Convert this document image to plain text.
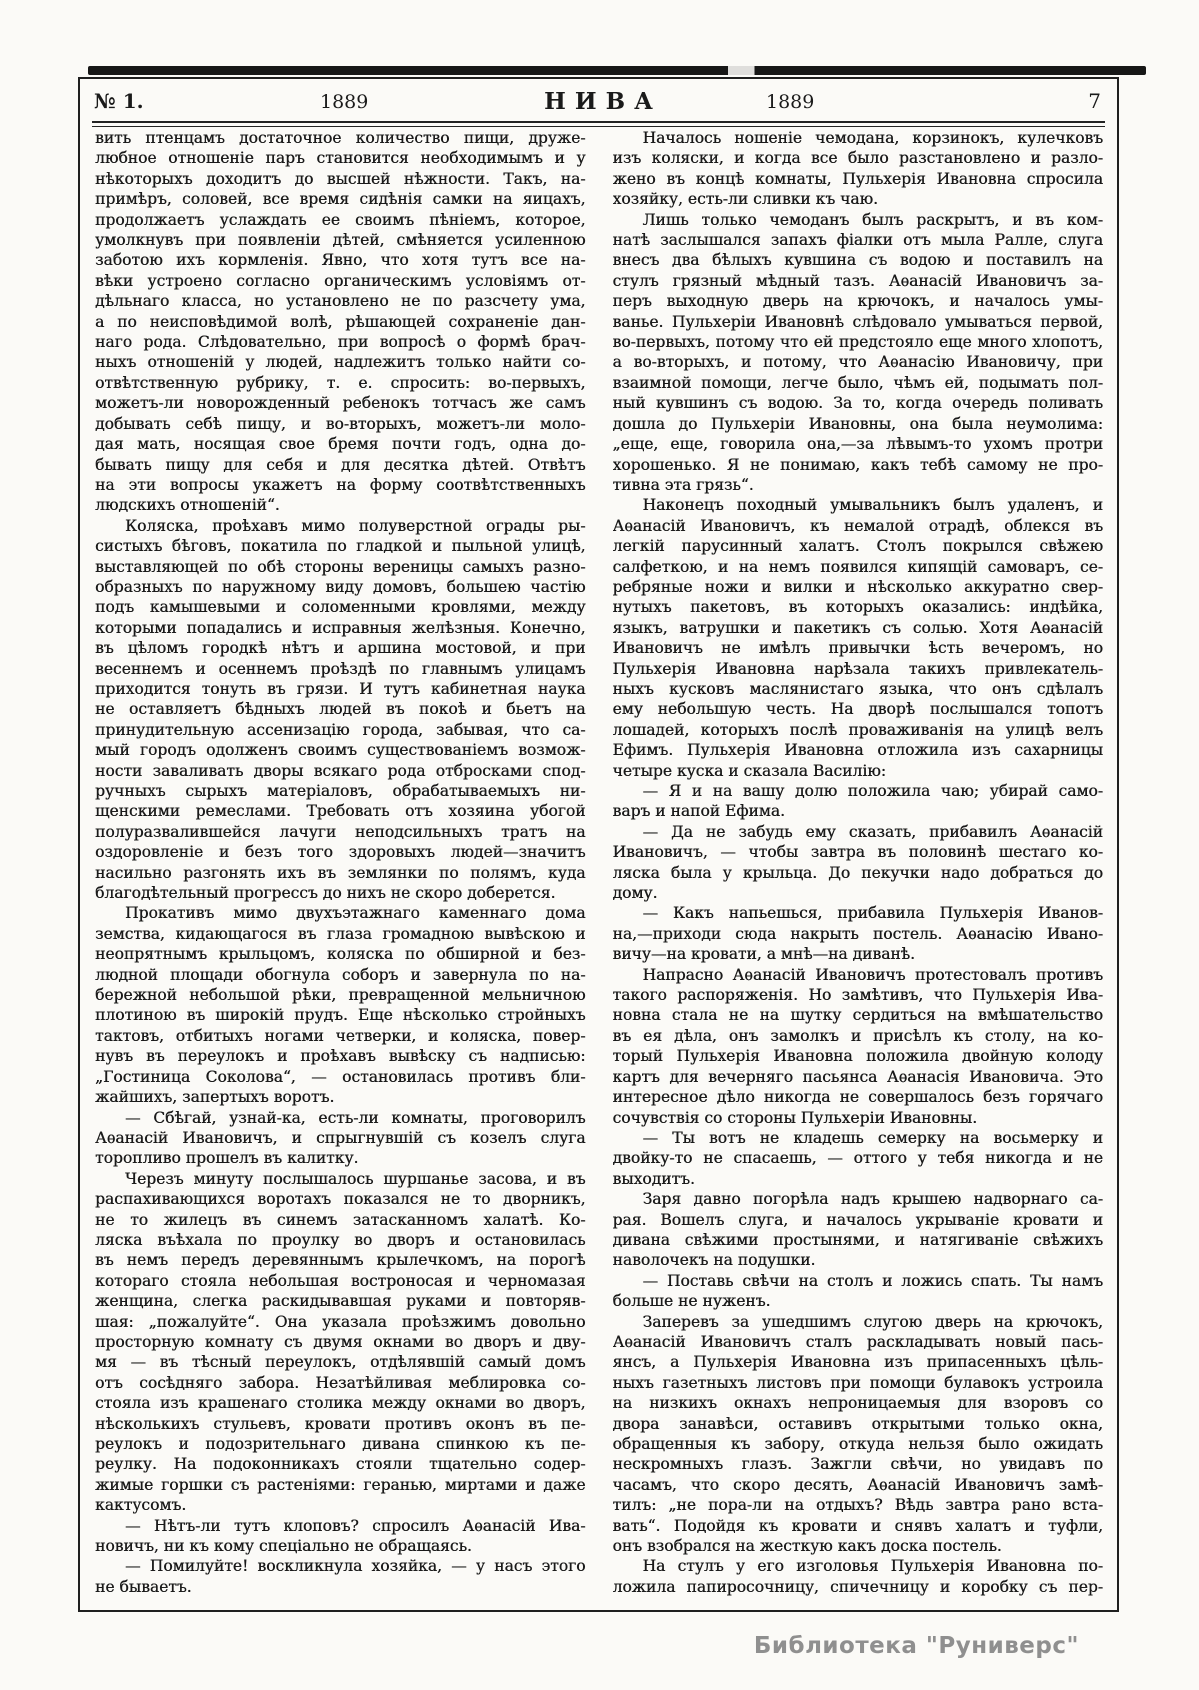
№ 1.	1889	НИВА	1889	7
вить птенцамъ достаточное количество пищи, друже-
любное отношеніе паръ становится необходимымъ и у
нѣкоторыхъ доходитъ до высшей нѣжности. Такъ, на-
примѣръ, соловей, все время сидѣнія самки на яицахъ,
продолжаетъ услаждать ее своимъ пѣніемъ, которое,
умолкнувъ при появленіи дѣтей, смѣняется усиленною
заботою ихъ кормленія. Явно, что хотя тутъ все на-
вѣки устроено согласно органическимъ условіямъ от-
дѣльнаго класса, но установлено не по разсчету ума,
а по неисповѣдимой волѣ, рѣшающей сохраненіе дан-
наго рода. Слѣдовательно, при вопросѣ о формѣ брач-
ныхъ отношеній у людей, надлежитъ только найти со-
отвѣтственную рубрику, т. е. спросить: во-первыхъ,
можетъ-ли новорожденный ребенокъ тотчасъ же самъ
добывать себѣ пищу, и во-вторыхъ, можетъ-ли моло-
дая мать, носящая свое бремя почти годъ, одна до-
бывать пищу для себя и для десятка дѣтей. Отвѣтъ
на эти вопросы укажетъ на форму соотвѣтственныхъ
людскихъ отношеній“.
Коляска, проѣхавъ мимо полуверстной ограды ры-
систыхъ бѣговъ, покатила по гладкой и пыльной улицѣ,
выставляющей по обѣ стороны вереницы самыхъ разно-
образныхъ по наружному виду домовъ, большею частію
подъ камышевыми и соломенными кровлями, между
которыми попадались и исправныя желѣзныя. Конечно,
въ цѣломъ городкѣ нѣтъ и аршина мостовой, и при
весеннемъ и осеннемъ проѣздѣ по главнымъ улицамъ
приходится тонуть въ грязи. И тутъ кабинетная наука
не оставляетъ бѣдныхъ людей въ покоѣ и бьетъ на
принудительную ассенизацію города, забывая, что са-
мый городъ одолженъ своимъ существованіемъ возмож-
ности заваливать дворы всякаго рода отбросками спод-
ручныхъ сырыхъ матеріаловъ, обрабатываемыхъ ни-
щенскими ремеслами. Требовать отъ хозяина убогой
полуразвалившейся лачуги неподсильныхъ тратъ на
оздоровленіе и безъ того здоровыхъ людей—значитъ
насильно разгонять ихъ въ землянки по полямъ, куда
благодѣтельный прогрессъ до нихъ не скоро доберется.
Прокативъ мимо двухъэтажнаго каменнаго дома
земства, кидающагося въ глаза громадною вывѣскою и
неопрятнымъ крыльцомъ, коляска по обширной и без-
людной площади обогнула соборъ и завернула по на-
бережной небольшой рѣки, превращенной мельничною
плотиною въ широкій прудъ. Еще нѣсколько стройныхъ
тактовъ, отбитыхъ ногами четверки, и коляска, повер-
нувъ въ переулокъ и проѣхавъ вывѣску съ надписью:
„Гостиница Соколова“, — остановилась противъ бли-
жайшихъ, запертыхъ воротъ.
— Сбѣгай, узнай-ка, есть-ли комнаты, проговорилъ
Аѳанасій Ивановичъ, и спрыгнувшій съ козелъ слуга
торопливо прошелъ въ калитку.
Черезъ минуту послышалось шуршанье засова, и въ
распахивающихся воротахъ показался не то дворникъ,
не то жилецъ въ синемъ затасканномъ халатѣ. Ко-
ляска въѣхала по проулку во дворъ и остановилась
въ немъ передъ деревяннымъ крылечкомъ, на порогѣ
котораго стояла небольшая востроносая и черномазая
женщина, слегка раскидывавшая руками и повторяв-
шая: „пожалуйте“. Она указала проѣзжимъ довольно
просторную комнату съ двумя окнами во дворъ и дву-
мя — въ тѣсный переулокъ, отдѣлявшій самый домъ
отъ сосѣдняго забора. Незатѣйливая меблировка со-
стояла изъ крашенаго столика между окнами во дворъ,
нѣсколькихъ стульевъ, кровати противъ оконъ въ пе-
реулокъ и подозрительнаго дивана спинкою къ пе-
реулку. На подоконникахъ стояли тщательно содер-
жимые горшки съ растеніями: геранью, миртами и даже
кактусомъ.
— Нѣтъ-ли тутъ клоповъ? спросилъ Аѳанасій Ива-
новичъ, ни къ кому спеціально не обращаясь.
— Помилуйте! воскликнула хозяйка, — у насъ этого
не бываетъ.
Началось ношеніе чемодана, корзинокъ, кулечковъ
изъ коляски, и когда все было разстановлено и разло-
жено въ концѣ комнаты, Пульхерія Ивановна спросила
хозяйку, есть-ли сливки къ чаю.
Лишь только чемоданъ былъ раскрытъ, и въ ком-
натѣ заслышался запахъ фіалки отъ мыла Ралле, слуга
внесъ два бѣлыхъ кувшина съ водою и поставилъ на
стулъ грязный мѣдный тазъ. Аѳанасій Ивановичъ за-
перъ выходную дверь на крючокъ, и началось умы-
ванье. Пульхеріи Ивановнѣ слѣдовало умываться первой,
во-первыхъ, потому что ей предстояло еще много хлопотъ,
а во-вторыхъ, и потому, что Аѳанасію Ивановичу, при
взаимной помощи, легче было, чѣмъ ей, подымать пол-
ный кувшинъ съ водою. За то, когда очередь поливать
дошла до Пульхеріи Ивановны, она была неумолима:
„еще, еще, говорила она,—за лѣвымъ-то ухомъ протри
хорошенько. Я не понимаю, какъ тебѣ самому не про-
тивна эта грязь“.
Наконецъ походный умывальникъ былъ удаленъ, и
Аѳанасій Ивановичъ, къ немалой отрадѣ, облекся въ
легкій парусинный халатъ. Столъ покрылся свѣжею
салфеткою, и на немъ появился кипящій самоваръ, се-
ребряные ножи и вилки и нѣсколько аккуратно свер-
нутыхъ пакетовъ, въ которыхъ оказались: индѣйка,
языкъ, ватрушки и пакетикъ съ солью. Хотя Аѳанасій
Ивановичъ не имѣлъ привычки ѣсть вечеромъ, но
Пульхерія Ивановна нарѣзала такихъ привлекатель-
ныхъ кусковъ маслянистаго языка, что онъ сдѣлалъ
ему небольшую честь. На дворѣ послышался топотъ
лошадей, которыхъ послѣ проваживанія на улицѣ велъ
Ефимъ. Пульхерія Ивановна отложила изъ сахарницы
четыре куска и сказала Василію:
— Я и на вашу долю положила чаю; убирай само-
варъ и напой Ефима.
— Да не забудь ему сказать, прибавилъ Аѳанасій
Ивановичъ, — чтобы завтра въ половинѣ шестаго ко-
ляска была у крыльца. До пекучки надо добраться до
дому.
— Какъ напьешься, прибавила Пульхерія Иванов-
на,—приходи сюда накрыть постель. Аѳанасію Ивано-
вичу—на кровати, а мнѣ—на диванѣ.
Напрасно Аѳанасій Ивановичъ протестовалъ противъ
такого распоряженія. Но замѣтивъ, что Пульхерія Ива-
новна стала не на шутку сердиться на вмѣшательство
въ ея дѣла, онъ замолкъ и присѣлъ къ столу, на ко-
торый Пульхерія Ивановна положила двойную колоду
картъ для вечерняго пасьянса Аѳанасія Ивановича. Это
интересное дѣло никогда не совершалось безъ горячаго
сочувствія со стороны Пульхеріи Ивановны.
— Ты вотъ не кладешь семерку на восьмерку и
двойку-то не спасаешь, — оттого у тебя никогда и не
выходитъ.
Заря давно погорѣла надъ крышею надворнаго са-
рая. Вошелъ слуга, и началось укрываніе кровати и
дивана свѣжими простынями, и натягиваніе свѣжихъ
наволочекъ на подушки.
— Поставь свѣчи на столъ и ложись спать. Ты намъ
больше не нуженъ.
Заперевъ за ушедшимъ слугою дверь на крючокъ,
Аѳанасій Ивановичъ сталъ раскладывать новый пась-
янсъ, а Пульхерія Ивановна изъ припасенныхъ цѣль-
ныхъ газетныхъ листовъ при помощи булавокъ устроила
на низкихъ окнахъ непроницаемыя для взоровъ со
двора занавѣси, оставивъ открытыми только окна,
обращенныя къ забору, откуда нельзя было ожидать
нескромныхъ глазъ. Зажгли свѣчи, но увидавъ по
часамъ, что скоро десять, Аѳанасій Ивановичъ замѣ-
тилъ: „не пора-ли на отдыхъ? Вѣдь завтра рано вста-
вать“. Подойдя къ кровати и снявъ халатъ и туфли,
онъ взобрался на жесткую какъ доска постель.
На стулъ у его изголовья Пульхерія Ивановна по-
ложила папиросочницу, спичечницу и коробку съ пер-
Библиотека "Руниверс"
